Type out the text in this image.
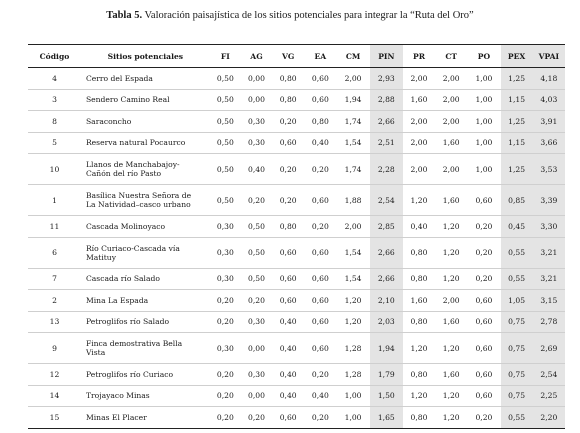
Tabla 5. Valoración paisajística de los sitios potenciales para integrar la “Ruta del Oro”
Código	Sitios potenciales	FI	AG	VG	EA	CM	PIN	PR	CT	PO	PEX	VPAI
4	Cerro del Espada	0,50	0,00	0,80	0,60	2,00	2,93	2,00	2,00	1,00	1,25	4,18
3	Sendero Camino Real	0,50	0,00	0,80	0,60	1,94	2,88	1,60	2,00	1,00	1,15	4,03
8	Saraconcho	0,50	0,30	0,20	0,80	1,74	2,66	2,00	2,00	1,00	1,25	3,91
5	Reserva natural Pocaurco	0,50	0,30	0,60	0,40	1,54	2,51	2,00	1,60	1,00	1,15	3,66
10	Llanos de Manchabajoy-
Cañón del río Pasto	0,50	0,40	0,20	0,20	1,74	2,28	2,00	2,00	1,00	1,25	3,53
1	Basílica Nuestra Señora de
La Natividad–casco urbano	0,50	0,20	0,20	0,60	1,88	2,54	1,20	1,60	0,60	0,85	3,39
11	Cascada Molinoyaco	0,30	0,50	0,80	0,20	2,00	2,85	0,40	1,20	0,20	0,45	3,30
6	Río Curiaco-Cascada vía
Matituy	0,30	0,50	0,60	0,60	1,54	2,66	0,80	1,20	0,20	0,55	3,21
7	Cascada río Salado	0,30	0,50	0,60	0,60	1,54	2,66	0,80	1,20	0,20	0,55	3,21
2	Mina La Espada	0,20	0,20	0,60	0,60	1,20	2,10	1,60	2,00	0,60	1,05	3,15
13	Petroglifos río Salado	0,20	0,30	0,40	0,60	1,20	2,03	0,80	1,60	0,60	0,75	2,78
9	Finca demostrativa Bella
Vista	0,30	0,00	0,40	0,60	1,28	1,94	1,20	1,20	0,60	0,75	2,69
12	Petroglifos río Curiaco	0,20	0,30	0,40	0,20	1,28	1,79	0,80	1,60	0,60	0,75	2,54
14	Trojayaco Minas	0,20	0,00	0,40	0,40	1,00	1,50	1,20	1,20	0,60	0,75	2,25
15	Minas El Placer	0,20	0,20	0,60	0,20	1,00	1,65	0,80	1,20	0,20	0,55	2,20
